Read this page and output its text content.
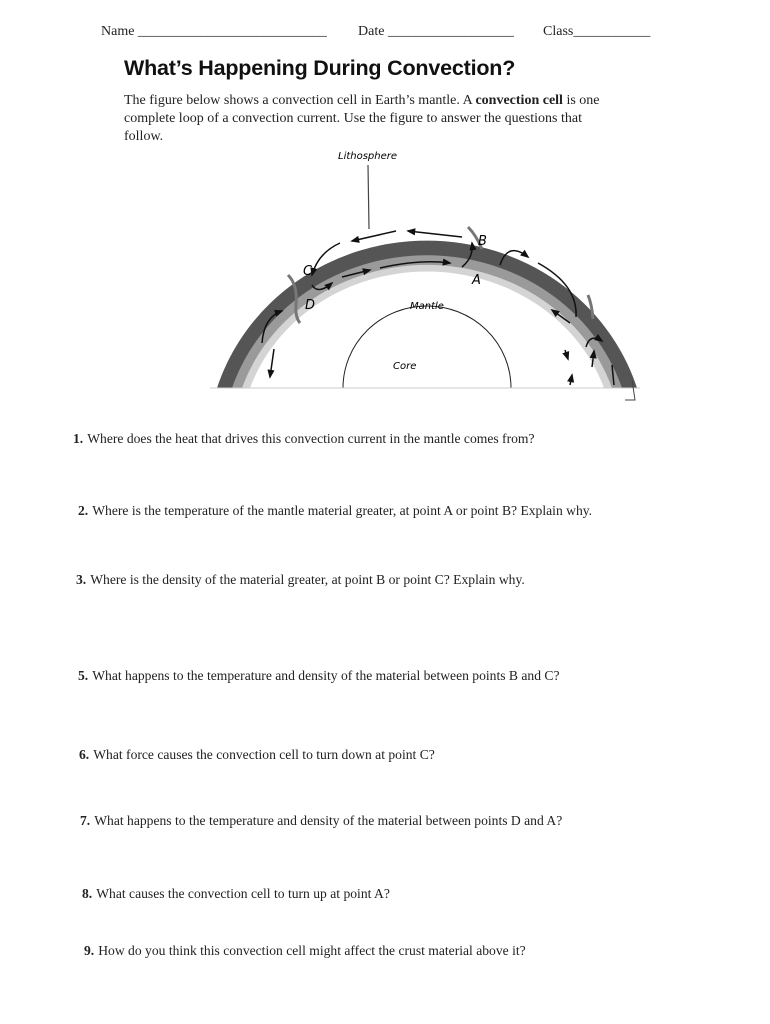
Name ___________________________ Date __________________ Class___________
What’s Happening During Convection?
The figure below shows a convection cell in Earth’s mantle. A convection cell is one complete loop of a convection current. Use the figure to answer the questions that follow.
Lithosphere
Mantle
Core
B
A
C
D
1. Where does the heat that drives this convection current in the mantle comes from?
2. Where is the temperature of the mantle material greater, at point A or point B? Explain why.
3. Where is the density of the material greater, at point B or point C? Explain why.
5. What happens to the temperature and density of the material between points B and C?
6. What force causes the convection cell to turn down at point C?
7. What happens to the temperature and density of the material between points D and A?
8. What causes the convection cell to turn up at point A?
9. How do you think this convection cell might affect the crust material above it?
